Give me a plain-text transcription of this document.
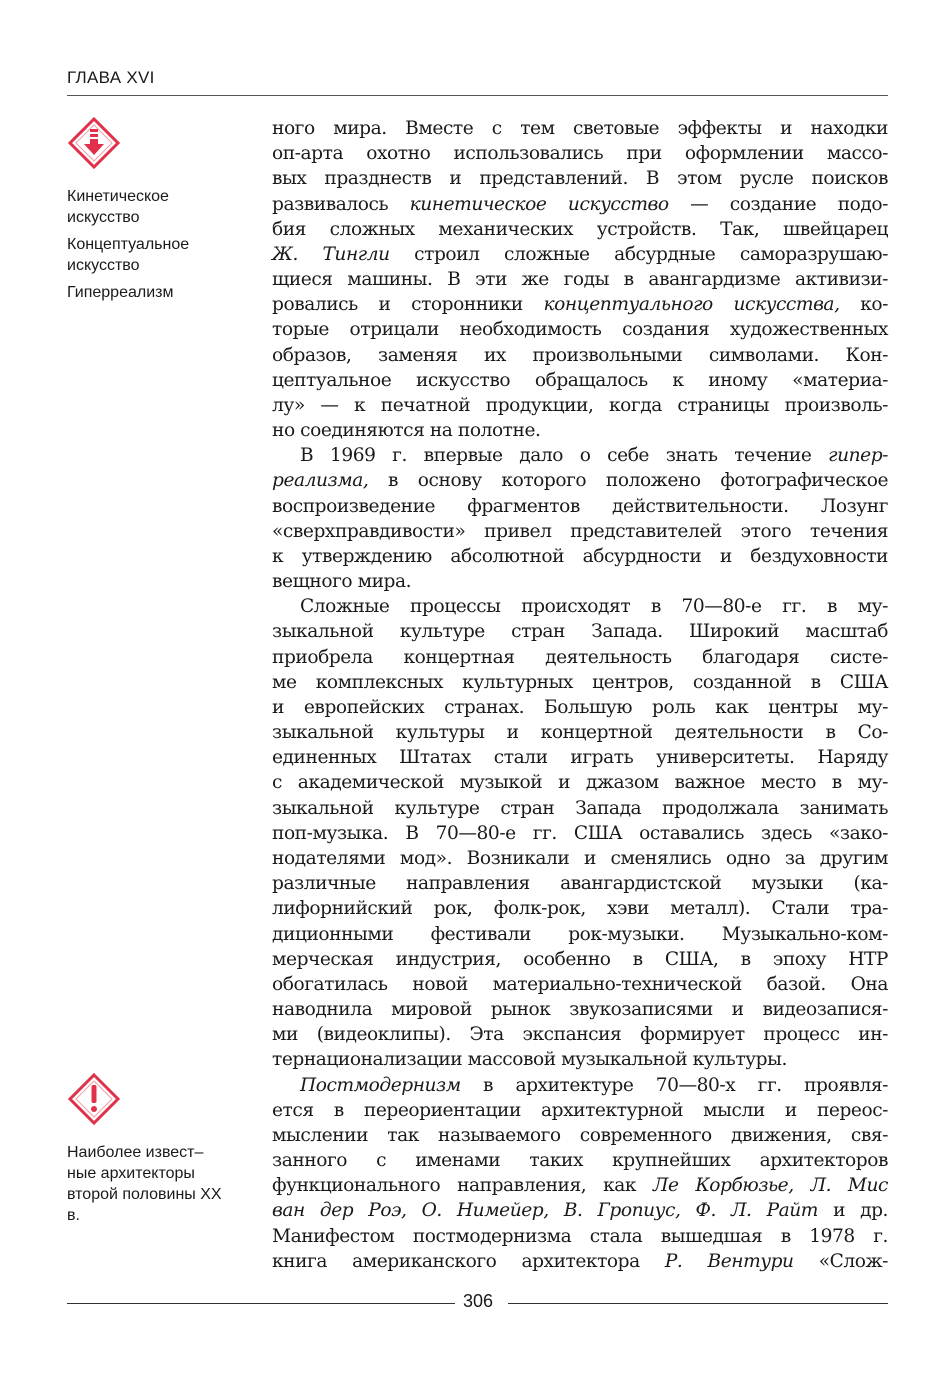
ГЛАВА XVI

Кинетическое искусство

Концептуальное искусство

Гиперреализм

Наиболее извест– ные архитекторы второй половины XX в.

ного мира. Вместе с тем световые эффекты и находки
оп-арта охотно использовались при оформлении массо-
вых празднеств и представлений. В этом русле поисков
развивалось кинетическое искусство — создание подо-
бия сложных механических устройств. Так, швейцарец
Ж. Тингли строил сложные абсурдные саморазрушаю-
щиеся машины. В эти же годы в авангардизме активизи-
ровались и сторонники концептуального искусства, ко-
торые отрицали необходимость создания художественных
образов, заменяя их произвольными символами. Кон-
цептуальное искусство обращалось к иному «материа-
лу» — к печатной продукции, когда страницы произволь-
но соединяются на полотне.
В 1969 г. впервые дало о себе знать течение гипер-
реализма, в основу которого положено фотографическое
воспроизведение фрагментов действительности. Лозунг
«сверхправдивости» привел представителей этого течения
к утверждению абсолютной абсурдности и бездуховности
вещного мира.
Сложные процессы происходят в 70—80-е гг. в му-
зыкальной культуре стран Запада. Широкий масштаб
приобрела концертная деятельность благодаря систе-
ме комплексных культурных центров, созданной в США
и европейских странах. Большую роль как центры му-
зыкальной культуры и концертной деятельности в Со-
единенных Штатах стали играть университеты. Наряду
с академической музыкой и джазом важное место в му-
зыкальной культуре стран Запада продолжала занимать
поп-музыка. В 70—80-е гг. США оставались здесь «зако-
нодателями мод». Возникали и сменялись одно за другим
различные направления авангардистской музыки (ка-
лифорнийский рок, фолк-рок, хэви металл). Стали тра-
диционными фестивали рок-музыки. Музыкально-ком-
мерческая индустрия, особенно в США, в эпоху НТР
обогатилась новой материально-технической базой. Она
наводнила мировой рынок звукозаписями и видеозапися-
ми (видеоклипы). Эта экспансия формирует процесс ин-
тернационализации массовой музыкальной культуры.
Постмодернизм в архитектуре 70—80-х гг. проявля-
ется в переориентации архитектурной мысли и переос-
мыслении так называемого современного движения, свя-
занного с именами таких крупнейших архитекторов
функционального направления, как Ле Корбюзье, Л. Мис
ван дер Роэ, О. Нимейер, В. Гропиус, Ф. Л. Райт и др.
Манифестом постмодернизма стала вышедшая в 1978 г.
книга американского архитектора Р. Вентури «Слож-
306
